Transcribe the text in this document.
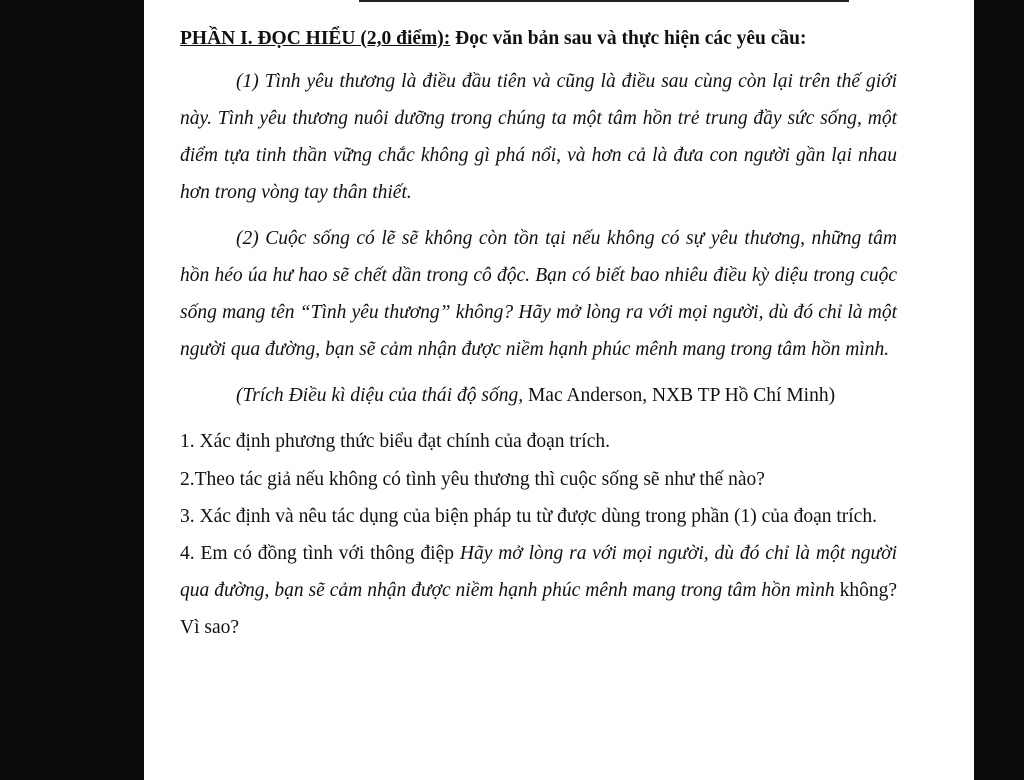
PHẦN I. ĐỌC HIỂU (2,0 điểm): Đọc văn bản sau và thực hiện các yêu cầu:

(1) Tình yêu thương là điều đầu tiên và cũng là điều sau cùng còn lại trên thế giới này. Tình yêu thương nuôi dưỡng trong chúng ta một tâm hồn trẻ trung đầy sức sống, một điểm tựa tinh thần vững chắc không gì phá nổi, và hơn cả là đưa con người gần lại nhau hơn trong vòng tay thân thiết.

(2) Cuộc sống có lẽ sẽ không còn tồn tại nếu không có sự yêu thương, những tâm hồn héo úa hư hao sẽ chết dần trong cô độc. Bạn có biết bao nhiêu điều kỳ diệu trong cuộc sống mang tên “Tình yêu thương” không? Hãy mở lòng ra với mọi người, dù đó chỉ là một người qua đường, bạn sẽ cảm nhận được niềm hạnh phúc mênh mang trong tâm hồn mình.

(Trích Điều kì diệu của thái độ sống, Mac Anderson, NXB TP Hồ Chí Minh)

1. Xác định phương thức biểu đạt chính của đoạn trích.

2.Theo tác giả nếu không có tình yêu thương thì cuộc sống sẽ như thế nào?

3. Xác định và nêu tác dụng của biện pháp tu từ được dùng trong phần (1) của đoạn trích.

4. Em có đồng tình với thông điệp Hãy mở lòng ra với mọi người, dù đó chỉ là một người qua đường, bạn sẽ cảm nhận được niềm hạnh phúc mênh mang trong tâm hồn mình không? Vì sao?
